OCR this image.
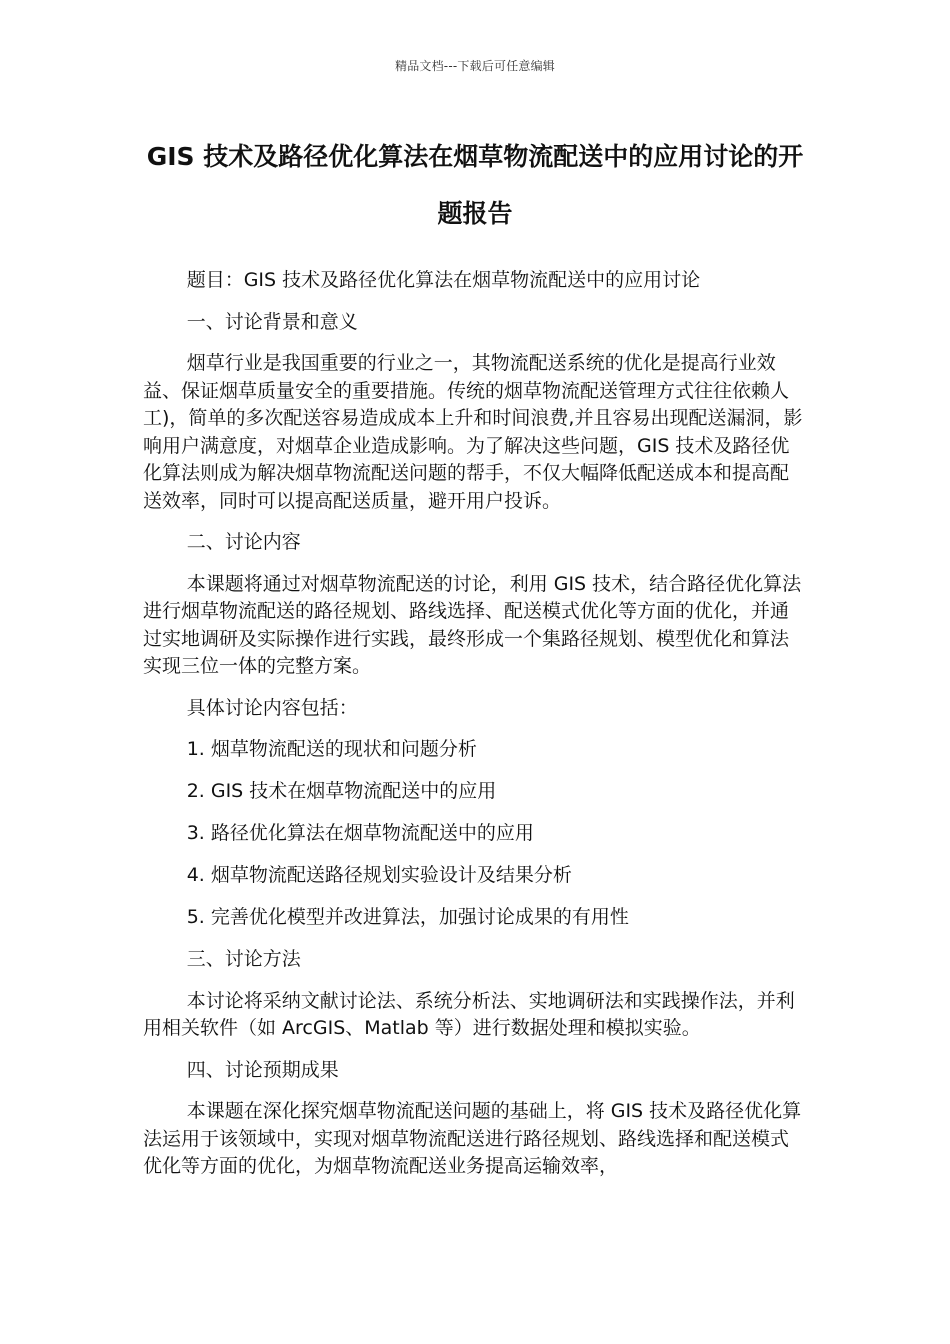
精品文档---下载后可任意编辑
GIS 技术及路径优化算法在烟草物流配送中的应用讨论的开题报告

题目：GIS 技术及路径优化算法在烟草物流配送中的应用讨论

一、讨论背景和意义

烟草行业是我国重要的行业之一，其物流配送系统的优化是提高行业效益、保证烟草质量安全的重要措施。传统的烟草物流配送管理方式往往依赖人工)，简单的多次配送容易造成成本上升和时间浪费,并且容易出现配送漏洞，影响用户满意度，对烟草企业造成影响。为了解决这些问题，GIS 技术及路径优化算法则成为解决烟草物流配送问题的帮手，不仅大幅降低配送成本和提高配送效率，同时可以提高配送质量，避开用户投诉。

二、讨论内容

本课题将通过对烟草物流配送的讨论，利用 GIS 技术，结合路径优化算法进行烟草物流配送的路径规划、路线选择、配送模式优化等方面的优化，并通过实地调研及实际操作进行实践，最终形成一个集路径规划、模型优化和算法实现三位一体的完整方案。

具体讨论内容包括：

1. 烟草物流配送的现状和问题分析

2. GIS 技术在烟草物流配送中的应用

3. 路径优化算法在烟草物流配送中的应用

4. 烟草物流配送路径规划实验设计及结果分析

5. 完善优化模型并改进算法，加强讨论成果的有用性

三、讨论方法

本讨论将采纳文献讨论法、系统分析法、实地调研法和实践操作法，并利用相关软件（如 ArcGIS、Matlab 等）进行数据处理和模拟实验。

四、讨论预期成果

本课题在深化探究烟草物流配送问题的基础上，将 GIS 技术及路径优化算法运用于该领域中，实现对烟草物流配送进行路径规划、路线选择和配送模式优化等方面的优化，为烟草物流配送业务提高运输效率，
